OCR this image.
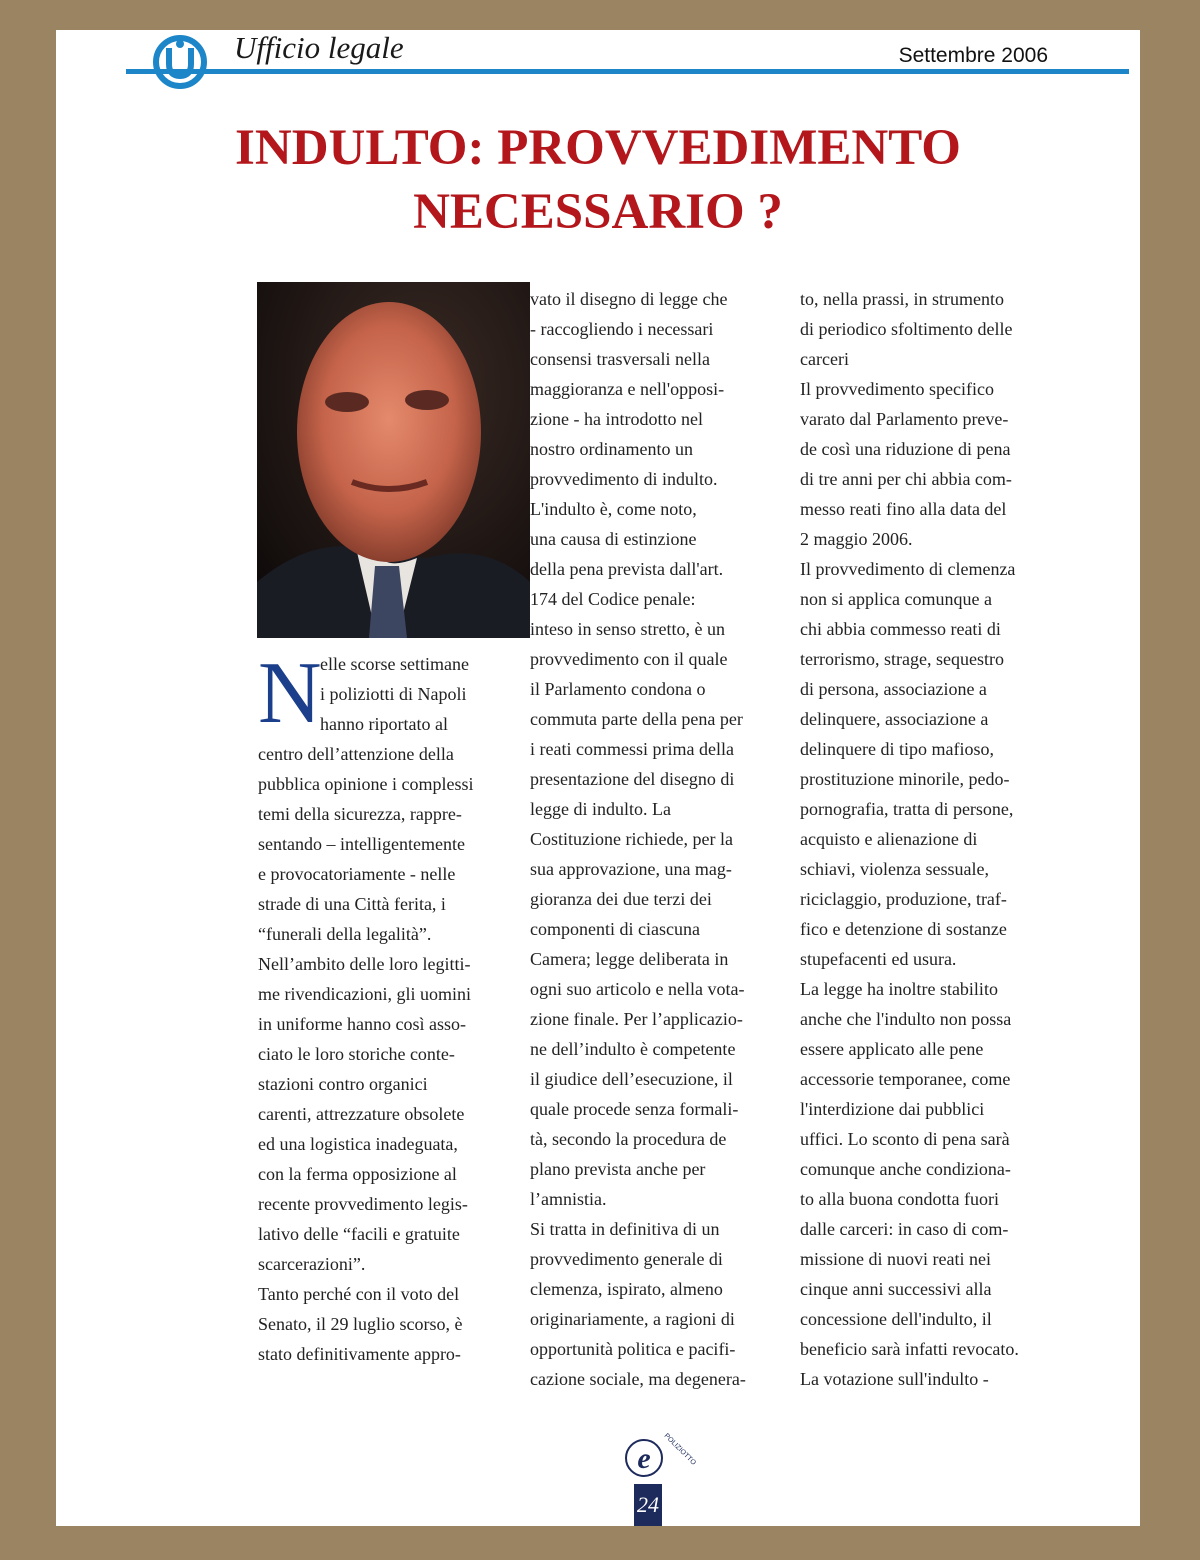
Ufficio legale	Settembre 2006
INDULTO: PROVVEDIMENTO
NECESSARIO ?
N

elle scorse settimane

i poliziotti di Napoli

hanno riportato al

centro dell’attenzione della

pubblica opinione i complessi

temi della sicurezza, rappre-

sentando – intelligentemente

e provocatoriamente - nelle

strade di una Città ferita, i

“funerali della legalità”.

Nell’ambito delle loro legitti-

me rivendicazioni, gli uomini

in uniforme hanno così asso-

ciato le loro storiche conte-

stazioni contro organici

carenti, attrezzature obsolete

ed una logistica inadeguata,

con la ferma opposizione al

recente provvedimento legis-

lativo delle “facili e gratuite

scarcerazioni”.

Tanto perché con il voto del

Senato, il 29 luglio scorso, è

stato definitivamente appro-

vato il disegno di legge che

- raccogliendo i necessari

consensi trasversali nella

maggioranza e nell'opposi-

zione - ha introdotto nel

nostro ordinamento un

provvedimento di indulto.

L'indulto è, come noto,

una causa di estinzione

della pena prevista dall'art.

174 del Codice penale:

inteso in senso stretto, è un

provvedimento con il quale

il Parlamento condona o

commuta parte della pena per

i reati commessi prima della

presentazione del disegno di

legge di indulto. La

Costituzione richiede, per la

sua approvazione, una mag-

gioranza dei due terzi dei

componenti di ciascuna

Camera; legge deliberata in

ogni suo articolo e nella vota-

zione finale. Per l’applicazio-

ne dell’indulto è competente

il giudice dell’esecuzione, il

quale procede senza formali-

tà, secondo la procedura de

plano prevista anche per

l’amnistia.

Si tratta in definitiva di un

provvedimento generale di

clemenza, ispirato, almeno

originariamente, a ragioni di

opportunità politica e pacifi-

cazione sociale, ma degenera-

to, nella prassi, in strumento

di periodico sfoltimento delle

carceri

Il provvedimento specifico

varato dal Parlamento preve-

de così una riduzione di pena

di tre anni per chi abbia com-

messo reati fino alla data del

2 maggio 2006.

Il provvedimento di clemenza

non si applica comunque a

chi abbia commesso reati di

terrorismo, strage, sequestro

di persona, associazione a

delinquere, associazione a

delinquere di tipo mafioso,

prostituzione minorile, pedo-

pornografia, tratta di persone,

acquisto e alienazione di

schiavi, violenza sessuale,

riciclaggio, produzione, traf-

fico e detenzione di sostanze

stupefacenti ed usura.

La legge ha inoltre stabilito

anche che l'indulto non possa

essere applicato alle pene

accessorie temporanee, come

l'interdizione dai pubblici

uffici. Lo sconto di pena sarà

comunque anche condiziona-

to alla buona condotta fuori

dalle carceri: in caso di com-

missione di nuovi reati nei

cinque anni successivi alla

concessione dell'indulto, il

beneficio sarà infatti revocato.

La votazione sull'indulto -

e POLIZIOTTO
24
